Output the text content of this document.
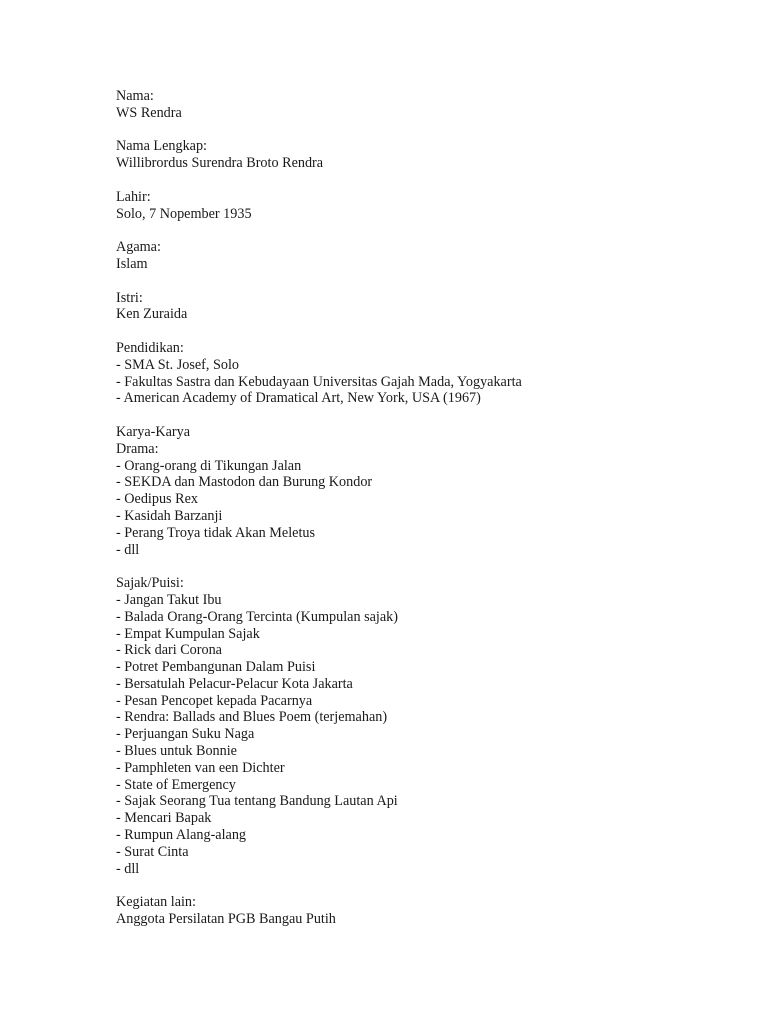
Nama:
WS Rendra
Nama Lengkap:
Willibrordus Surendra Broto Rendra
Lahir:
Solo, 7 Nopember 1935
Agama:
Islam
Istri:
Ken Zuraida
Pendidikan:
- SMA St. Josef, Solo
- Fakultas Sastra dan Kebudayaan Universitas Gajah Mada, Yogyakarta
- American Academy of Dramatical Art, New York, USA (1967)
Karya-Karya
Drama:
- Orang-orang di Tikungan Jalan
- SEKDA dan Mastodon dan Burung Kondor
- Oedipus Rex
- Kasidah Barzanji
- Perang Troya tidak Akan Meletus
- dll
Sajak/Puisi:
- Jangan Takut Ibu
- Balada Orang-Orang Tercinta (Kumpulan sajak)
- Empat Kumpulan Sajak
- Rick dari Corona
- Potret Pembangunan Dalam Puisi
- Bersatulah Pelacur-Pelacur Kota Jakarta
- Pesan Pencopet kepada Pacarnya
- Rendra: Ballads and Blues Poem (terjemahan)
- Perjuangan Suku Naga
- Blues untuk Bonnie
- Pamphleten van een Dichter
- State of Emergency
- Sajak Seorang Tua tentang Bandung Lautan Api
- Mencari Bapak
- Rumpun Alang-alang
- Surat Cinta
- dll
Kegiatan lain:
Anggota Persilatan PGB Bangau Putih
